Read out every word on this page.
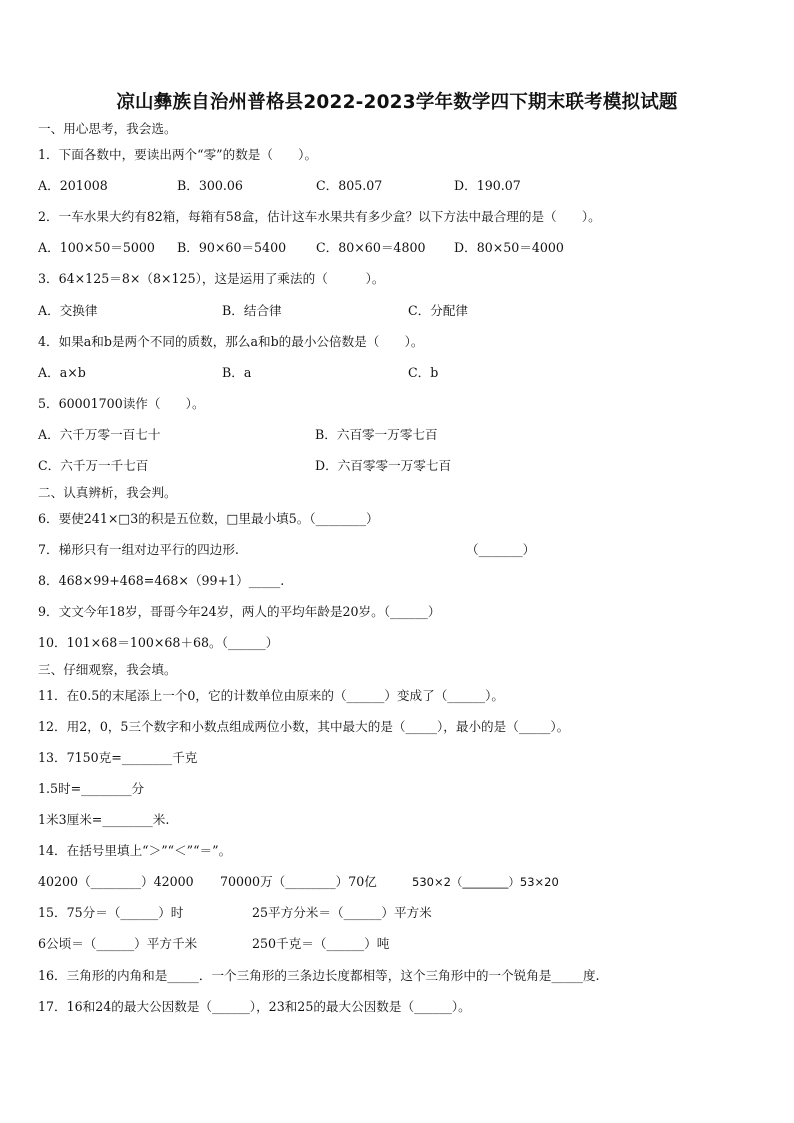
凉山彝族自治州普格县2022-2023学年数学四下期末联考模拟试题
一、用心思考，我会选。
1．下面各数中，要读出两个“零”的数是（　　）。
A．201008	B．300.06	C．805.07	D．190.07
2．一车水果大约有82箱，每箱有58盒，估计这车水果共有多少盒？以下方法中最合理的是（　　）。
A．100×50＝5000 B．90×60＝5400 C．80×60＝4800 D．80×50＝4000
3．64×125＝8×（8×125），这是运用了乘法的（　　　）。
A．交换律	B．结合律	C．分配律
4．如果a和b是两个不同的质数，那么a和b的最小公倍数是（　　）。
A．a×b	B．a	C．b
5．60001700读作（　　）。
A．六千万零一百七十	B．六百零一万零七百
C．六千万一千七百	D．六百零零一万零七百
二、认真辨析，我会判。
6．要使241×□3的积是五位数，□里最小填5。（________）
7．梯形只有一组对边平行的四边形.	（_______）
8．468×99+468=468×（99+1）_____.
9．文文今年18岁，哥哥今年24岁，两人的平均年龄是20岁。（______）
10．101×68＝100×68＋68。（______）
三、仔细观察，我会填。
11．在0.5的末尾添上一个0，它的计数单位由原来的（______）变成了（______）。
12．用2，0，5三个数字和小数点组成两位小数，其中最大的是（_____），最小的是（_____）。
13．7150克=________千克
1.5时=________分
1米3厘米=________米.
14．在括号里填上“＞”“＜”“＝”。
40200（________）42000 70000万（________）70亿	530×2（________）53×20
15．75分＝（______）时	25平方分米＝（______）平方米
6公顷＝（______）平方千米	250千克＝（______）吨
16．三角形的内角和是_____．一个三角形的三条边长度都相等，这个三角形中的一个锐角是_____度.
17．16和24的最大公因数是（______），23和25的最大公因数是（______）。
